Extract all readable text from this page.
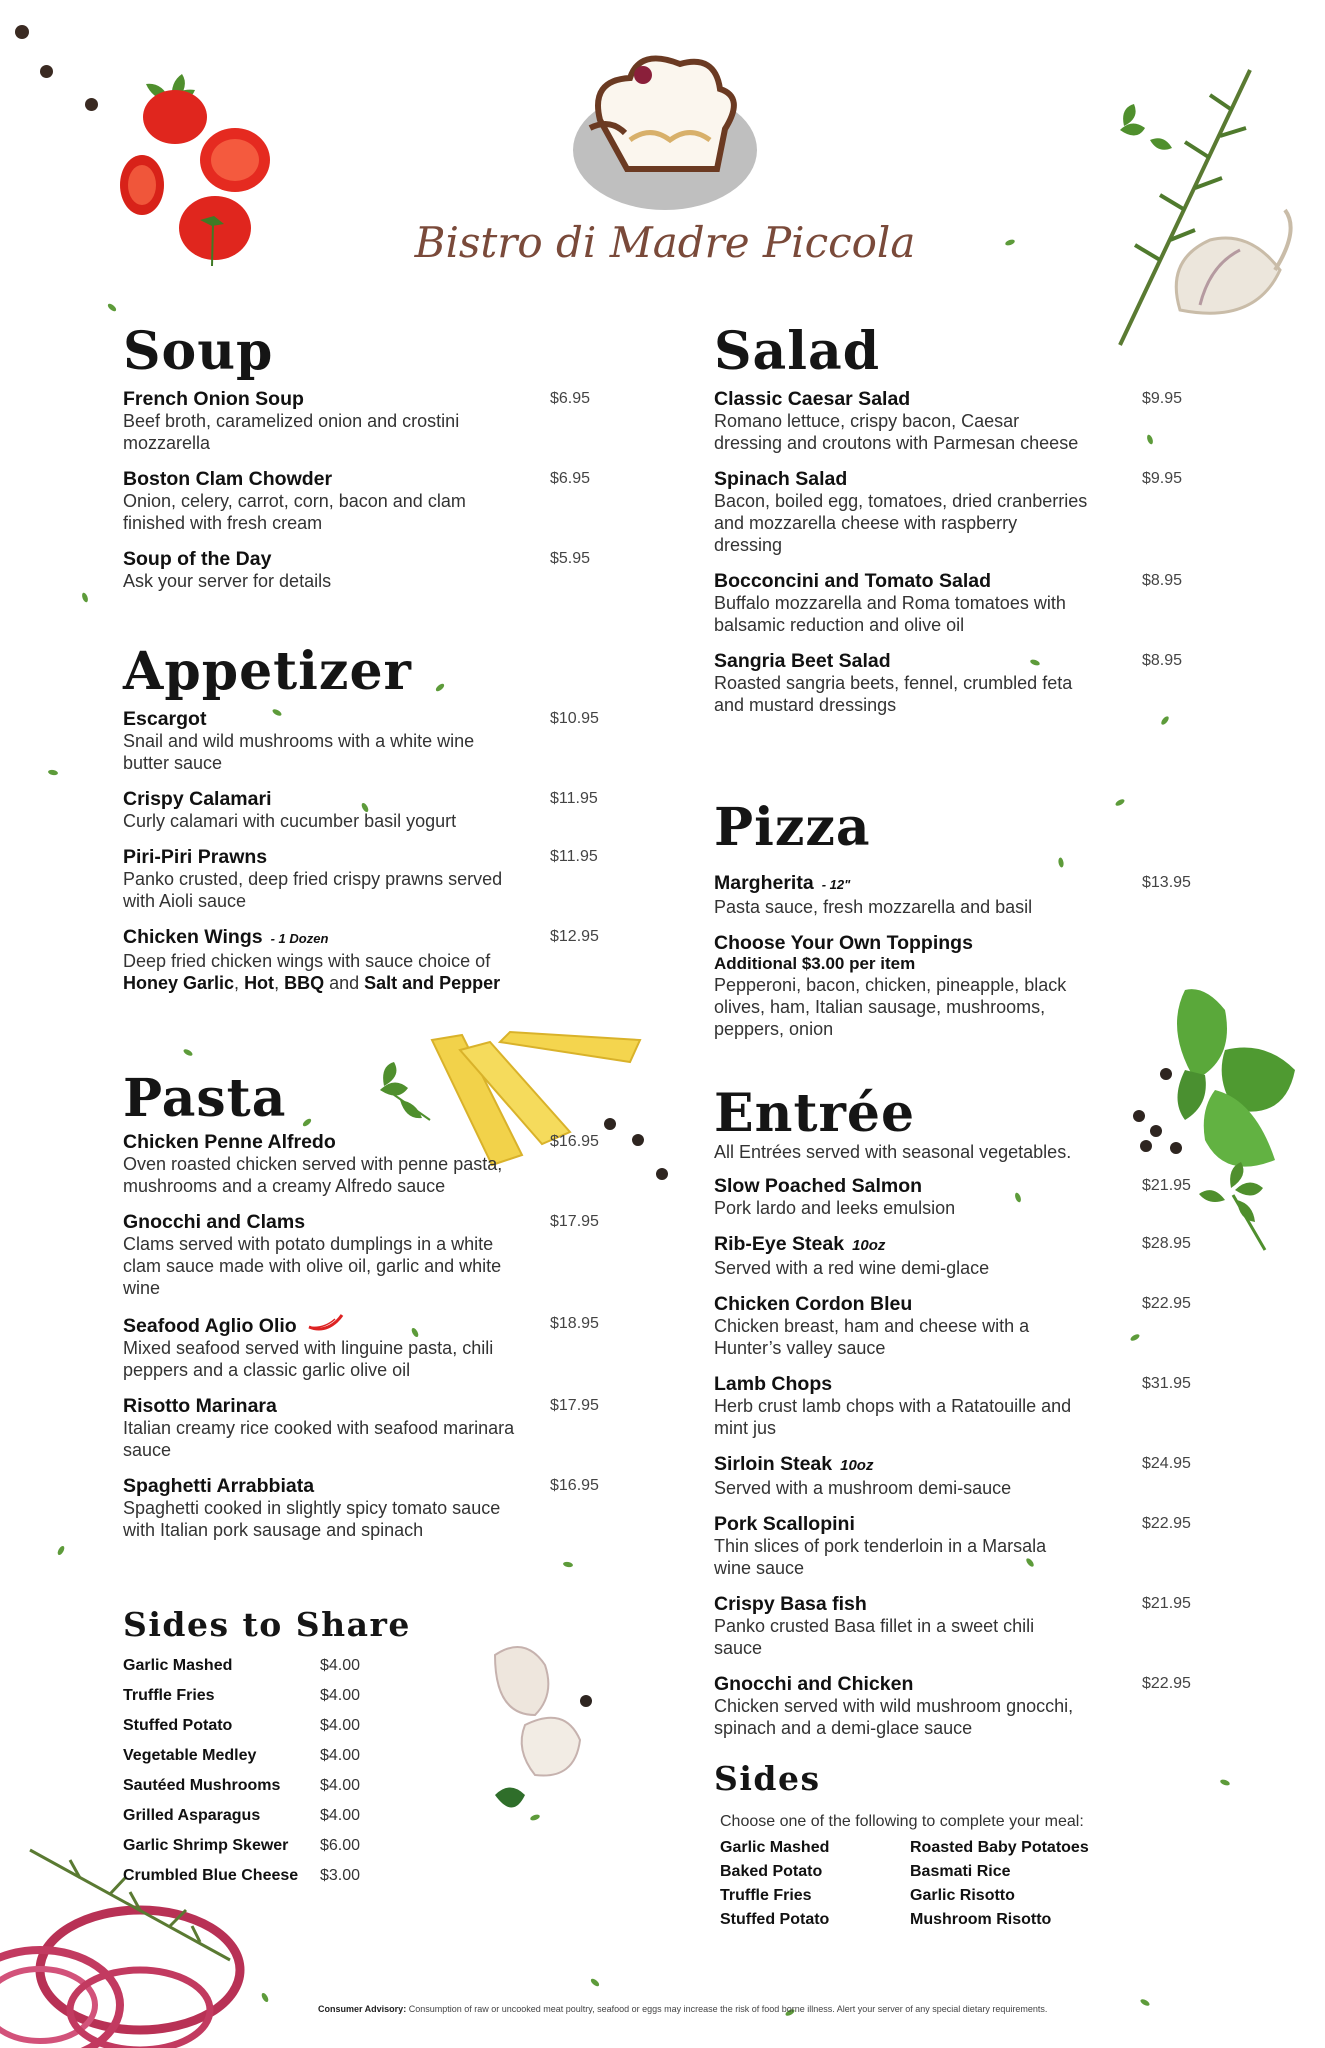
Bistro di Madre Piccola
Soup
French Onion Soup
Beef broth, caramelized onion and crostini mozzarella
$6.95
Boston Clam Chowder
Onion, celery, carrot, corn, bacon and clam finished with fresh cream
$6.95
Soup of the Day
Ask your server for details
$5.95
Appetizer
Escargot
Snail and wild mushrooms with a white wine butter sauce
$10.95
Crispy Calamari
Curly calamari with cucumber basil yogurt
$11.95
Piri-Piri Prawns
Panko crusted, deep fried crispy prawns served with Aioli sauce
$11.95
Chicken Wings - 1 Dozen
Deep fried chicken wings with sauce choice of Honey Garlic, Hot, BBQ and Salt and Pepper
$12.95
Pasta
Chicken Penne Alfredo
Oven roasted chicken served with penne pasta, mushrooms and a creamy Alfredo sauce
$16.95
Gnocchi and Clams
Clams served with potato dumplings in a white clam sauce made with olive oil, garlic and white wine
$17.95
Seafood Aglio Olio
Mixed seafood served with linguine pasta, chili peppers and a classic garlic olive oil
$18.95
Risotto Marinara
Italian creamy rice cooked with seafood marinara sauce
$17.95
Spaghetti Arrabbiata
Spaghetti cooked in slightly spicy tomato sauce with Italian pork sausage and spinach
$16.95
Sides to Share
Garlic Mashed	$4.00
Truffle Fries	$4.00
Stuffed Potato	$4.00
Vegetable Medley	$4.00
Sautéed Mushrooms	$4.00
Grilled Asparagus	$4.00
Garlic Shrimp Skewer	$6.00
Crumbled Blue Cheese	$3.00
Salad
Classic Caesar Salad
Romano lettuce, crispy bacon, Caesar dressing and croutons with Parmesan cheese
$9.95
Spinach Salad
Bacon, boiled egg, tomatoes, dried cranberries and mozzarella cheese with raspberry dressing
$9.95
Bocconcini and Tomato Salad
Buffalo mozzarella and Roma tomatoes with balsamic reduction and olive oil
$8.95
Sangria Beet Salad
Roasted sangria beets, fennel, crumbled feta and mustard dressings
$8.95
Pizza
Margherita - 12"
Pasta sauce, fresh mozzarella and basil
$13.95
Choose Your Own Toppings
Additional $3.00 per item
Pepperoni, bacon, chicken, pineapple, black olives, ham, Italian sausage, mushrooms, peppers, onion
Entrée
All Entrées served with seasonal vegetables.
Slow Poached Salmon
Pork lardo and leeks emulsion
$21.95
Rib-Eye Steak 10oz
Served with a red wine demi-glace
$28.95
Chicken Cordon Bleu
Chicken breast, ham and cheese with a Hunter’s valley sauce
$22.95
Lamb Chops
Herb crust lamb chops with a Ratatouille and mint jus
$31.95
Sirloin Steak 10oz
Served with a mushroom demi-sauce
$24.95
Pork Scallopini
Thin slices of pork tenderloin in a Marsala wine sauce
$22.95
Crispy Basa fish
Panko crusted Basa fillet in a sweet chili sauce
$21.95
Gnocchi and Chicken
Chicken served with wild mushroom gnocchi, spinach and a demi-glace sauce
$22.95
Sides
Choose one of the following to complete your meal:
Garlic Mashed	Roasted Baby Potatoes
Baked Potato	Basmati Rice
Truffle Fries	Garlic Risotto
Stuffed Potato	Mushroom Risotto
Consumer Advisory: Consumption of raw or uncooked meat poultry, seafood or eggs may increase the risk of food borne illness. Alert your server of any special dietary requirements.
